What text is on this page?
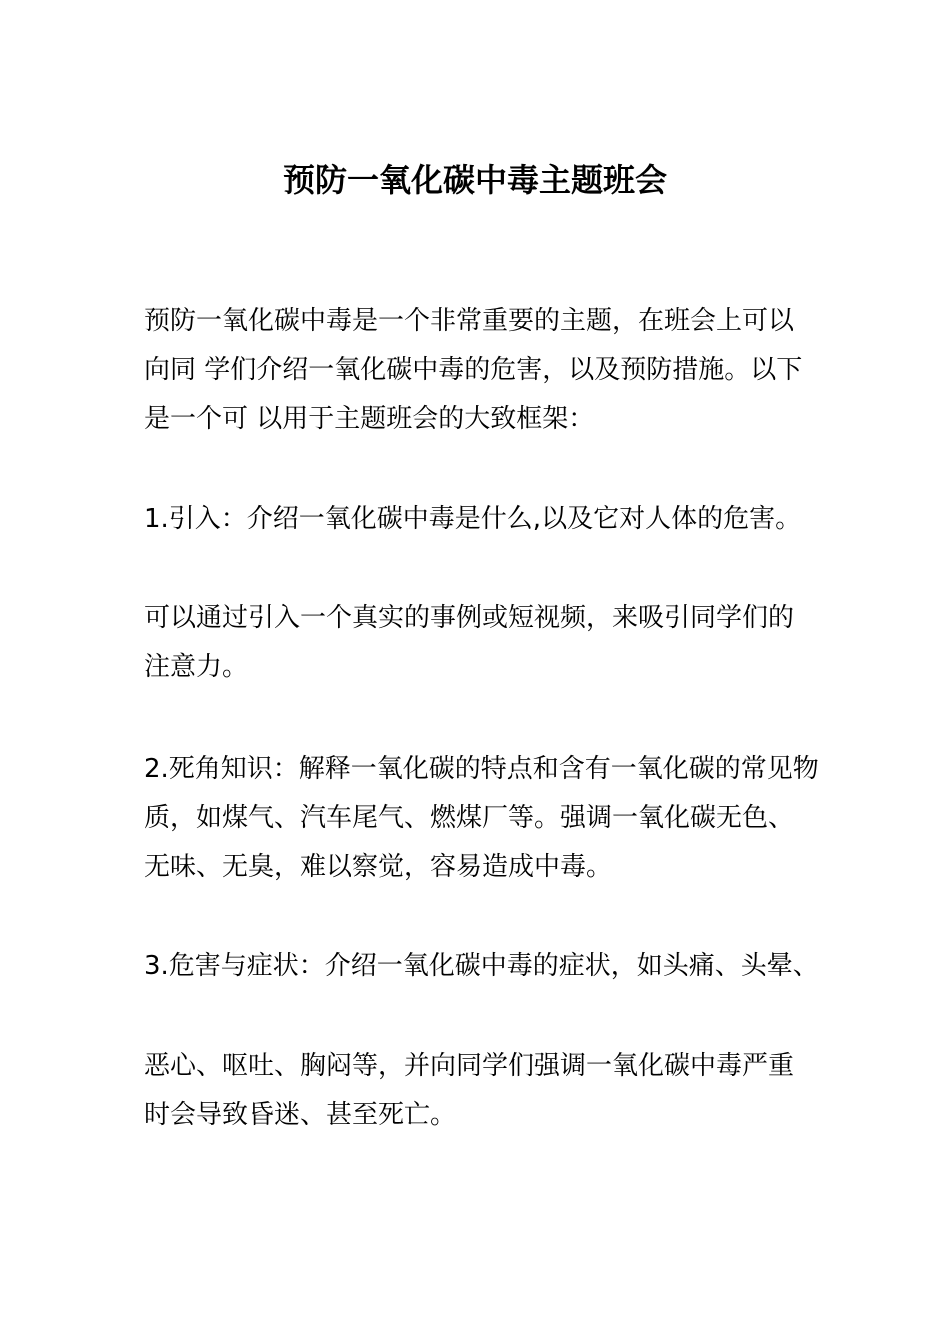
预防一氧化碳中毒主题班会
预防一氧化碳中毒是一个非常重要的主题，在班会上可以
向同 学们介绍一氧化碳中毒的危害，以及预防措施。以下
是一个可 以用于主题班会的大致框架：
1.引入：介绍一氧化碳中毒是什么,以及它对人体的危害。
可以通过引入一个真实的事例或短视频，来吸引同学们的
注意力。
2.死角知识：解释一氧化碳的特点和含有一氧化碳的常见物
质，如煤气、汽车尾气、燃煤厂等。强调一氧化碳无色、
无味、无臭，难以察觉，容易造成中毒。
3.危害与症状：介绍一氧化碳中毒的症状，如头痛、头晕、
恶心、呕吐、胸闷等，并向同学们强调一氧化碳中毒严重
时会导致昏迷、甚至死亡。
